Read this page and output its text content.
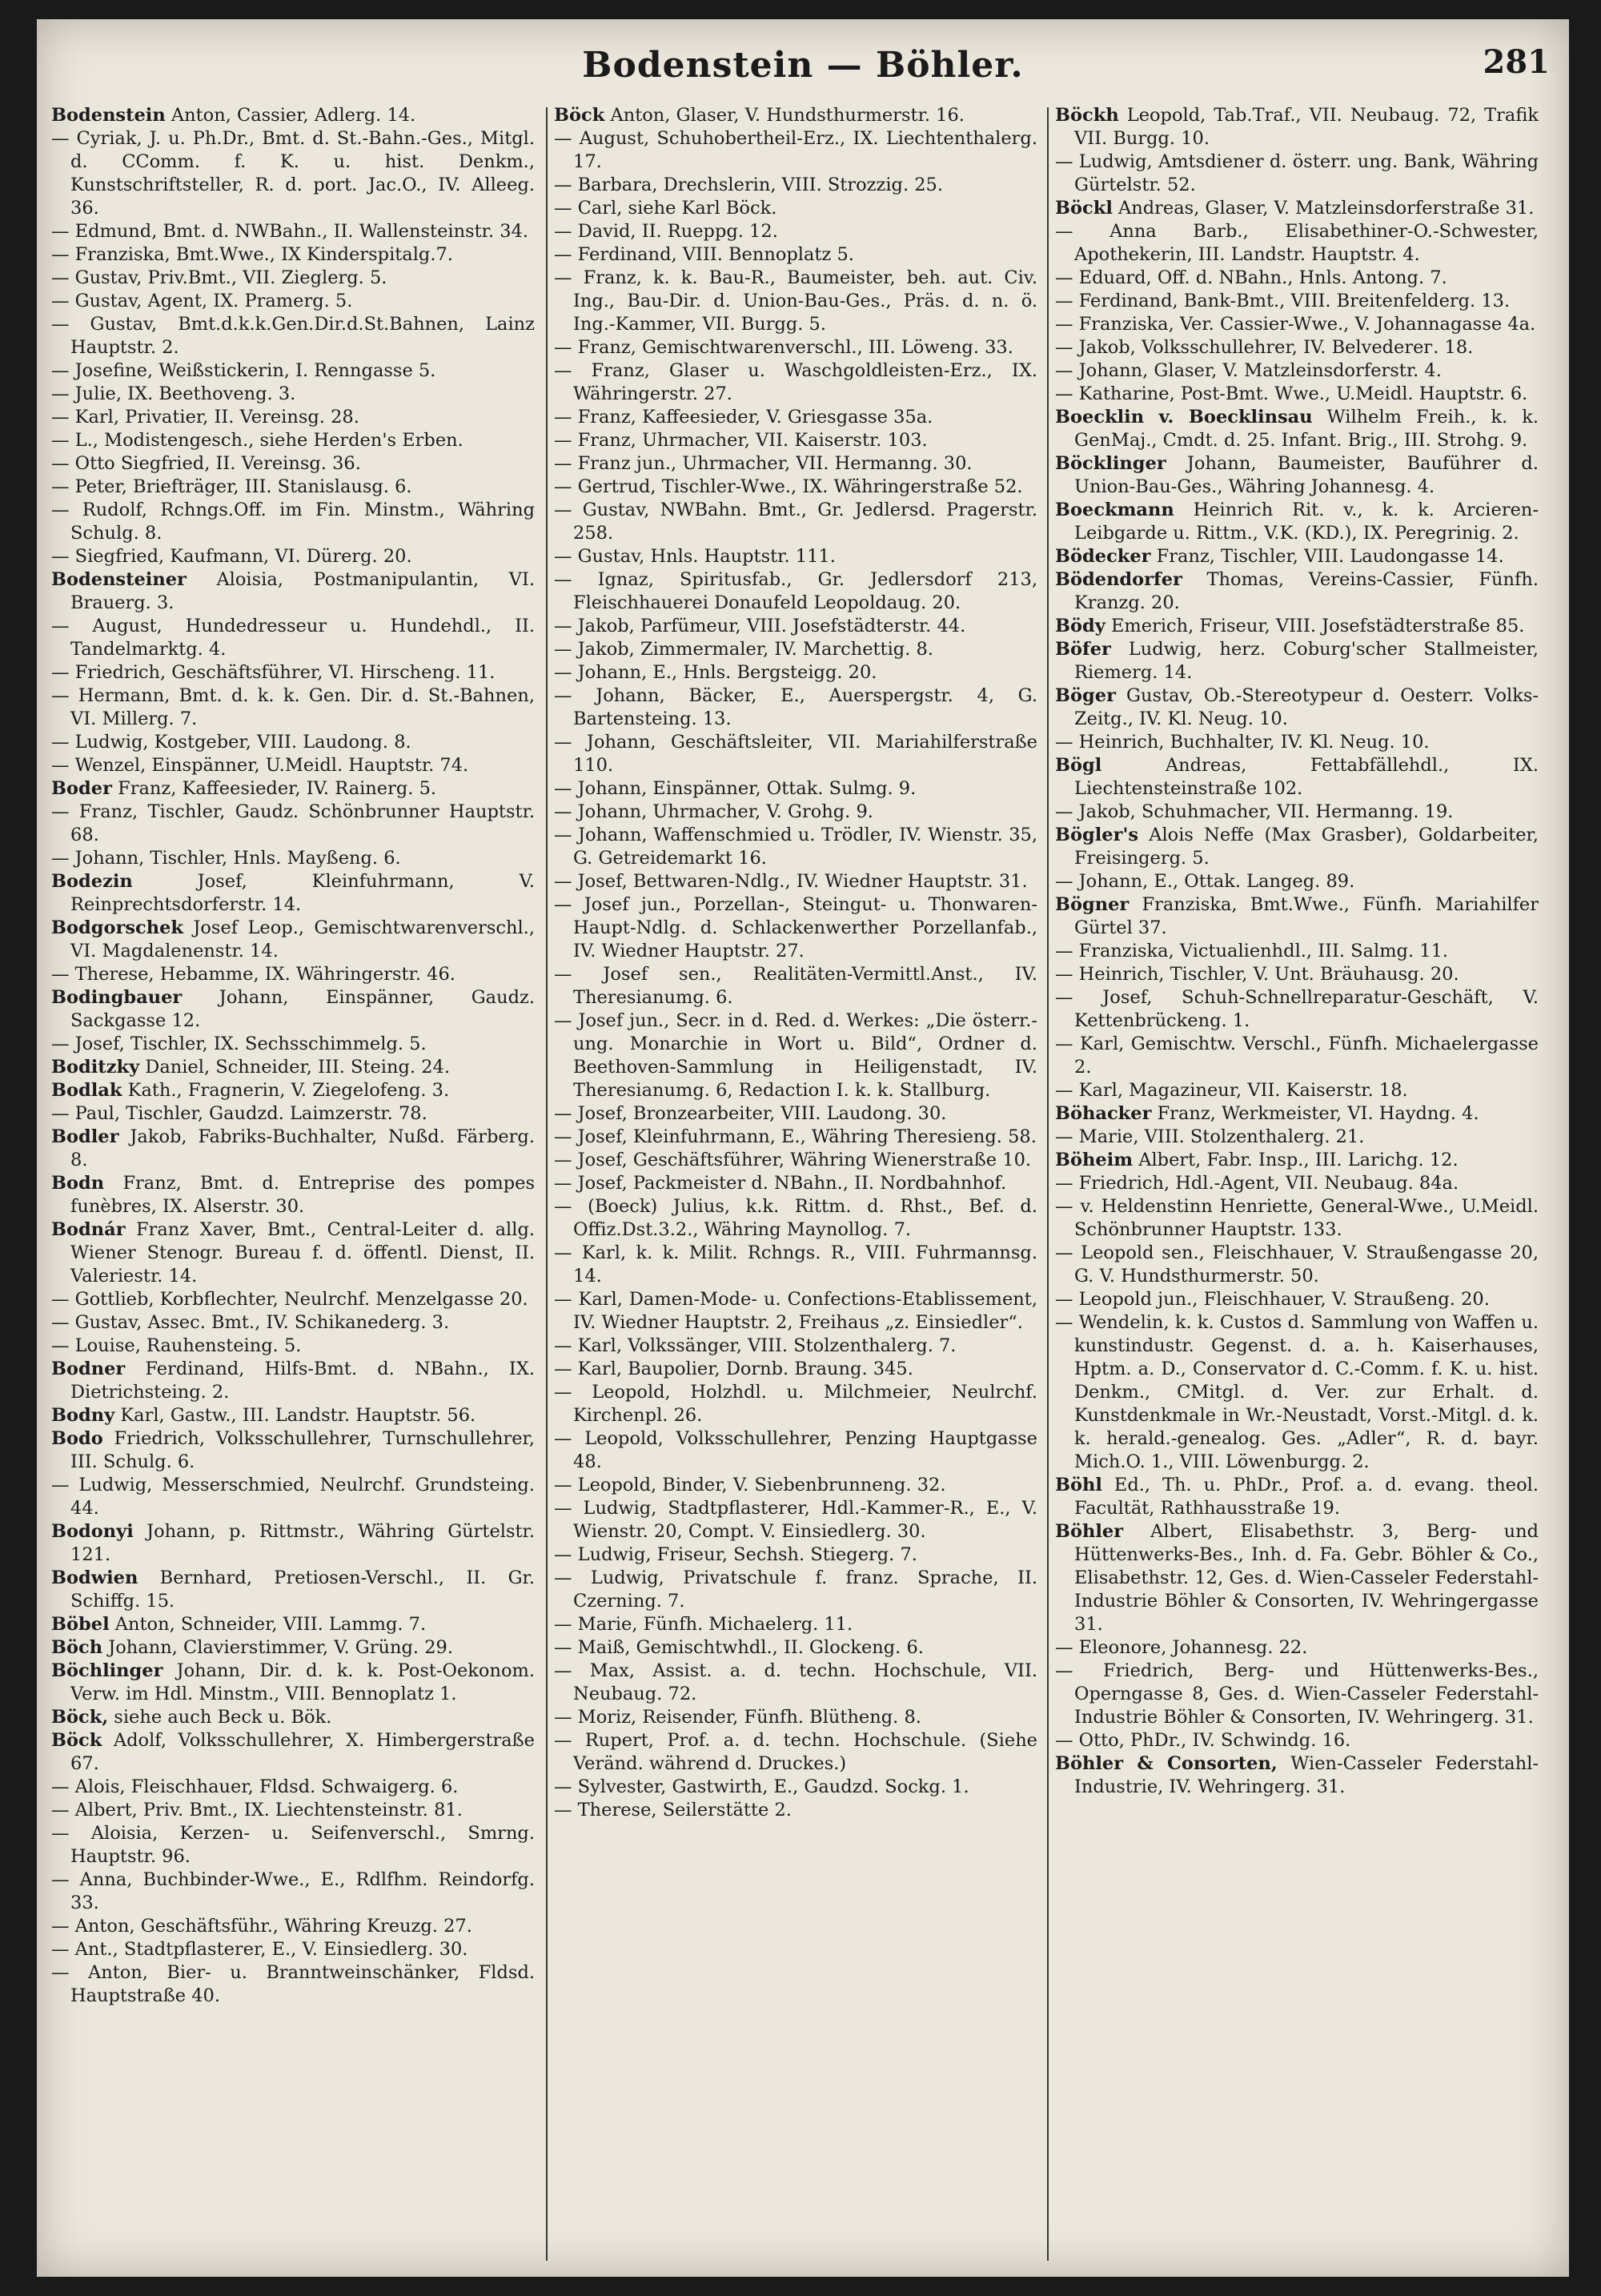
Bodenstein — Böhler.	281

Bodenstein Anton, Cassier, Adlerg. 14.

— Cyriak, J. u. Ph.Dr., Bmt. d. St.-Bahn.-Ges., Mitgl. d. CComm. f. K. u. hist. Denkm., Kunstschriftsteller, R. d. port. Jac.O., IV. Alleeg. 36.

— Edmund, Bmt. d. NWBahn., II. Wallensteinstr. 34.

— Franziska, Bmt.Wwe., IX Kinderspitalg.7.

— Gustav, Priv.Bmt., VII. Zieglerg. 5.

— Gustav, Agent, IX. Pramerg. 5.

— Gustav, Bmt.d.k.k.Gen.Dir.d.St.Bahnen, Lainz Hauptstr. 2.

— Josefine, Weißstickerin, I. Renngasse 5.

— Julie, IX. Beethoveng. 3.

— Karl, Privatier, II. Vereinsg. 28.

— L., Modistengesch., siehe Herden's Erben.

— Otto Siegfried, II. Vereinsg. 36.

— Peter, Briefträger, III. Stanislausg. 6.

— Rudolf, Rchngs.Off. im Fin. Minstm., Währing Schulg. 8.

— Siegfried, Kaufmann, VI. Dürerg. 20.

Bodensteiner Aloisia, Postmanipulantin, VI. Brauerg. 3.

— August, Hundedresseur u. Hundehdl., II. Tandelmarktg. 4.

— Friedrich, Geschäftsführer, VI. Hirscheng. 11.

— Hermann, Bmt. d. k. k. Gen. Dir. d. St.-Bahnen, VI. Millerg. 7.

— Ludwig, Kostgeber, VIII. Laudong. 8.

— Wenzel, Einspänner, U.Meidl. Hauptstr. 74.

Boder Franz, Kaffeesieder, IV. Rainerg. 5.

— Franz, Tischler, Gaudz. Schönbrunner Hauptstr. 68.

— Johann, Tischler, Hnls. Mayßeng. 6.

Bodezin Josef, Kleinfuhrmann, V. Reinprechtsdorferstr. 14.

Bodgorschek Josef Leop., Gemischtwarenverschl., VI. Magdalenenstr. 14.

— Therese, Hebamme, IX. Währingerstr. 46.

Bodingbauer Johann, Einspänner, Gaudz. Sackgasse 12.

— Josef, Tischler, IX. Sechsschimmelg. 5.

Boditzky Daniel, Schneider, III. Steing. 24.

Bodlak Kath., Fragnerin, V. Ziegelofeng. 3.

— Paul, Tischler, Gaudzd. Laimzerstr. 78.

Bodler Jakob, Fabriks-Buchhalter, Nußd. Färberg. 8.

Bodn Franz, Bmt. d. Entreprise des pompes funèbres, IX. Alserstr. 30.

Bodnár Franz Xaver, Bmt., Central-Leiter d. allg. Wiener Stenogr. Bureau f. d. öffentl. Dienst, II. Valeriestr. 14.

— Gottlieb, Korbflechter, Neulrchf. Menzelgasse 20.

— Gustav, Assec. Bmt., IV. Schikanederg. 3.

— Louise, Rauhensteing. 5.

Bodner Ferdinand, Hilfs-Bmt. d. NBahn., IX. Dietrichsteing. 2.

Bodny Karl, Gastw., III. Landstr. Hauptstr. 56.

Bodo Friedrich, Volksschullehrer, Turnschullehrer, III. Schulg. 6.

— Ludwig, Messerschmied, Neulrchf. Grundsteing. 44.

Bodonyi Johann, p. Rittmstr., Währing Gürtelstr. 121.

Bodwien Bernhard, Pretiosen-Verschl., II. Gr. Schiffg. 15.

Böbel Anton, Schneider, VIII. Lammg. 7.

Böch Johann, Clavierstimmer, V. Grüng. 29.

Böchlinger Johann, Dir. d. k. k. Post-Oekonom. Verw. im Hdl. Minstm., VIII. Bennoplatz 1.

Böck, siehe auch Beck u. Bök.

Böck Adolf, Volksschullehrer, X. Himbergerstraße 67.

— Alois, Fleischhauer, Fldsd. Schwaigerg. 6.

— Albert, Priv. Bmt., IX. Liechtensteinstr. 81.

— Aloisia, Kerzen- u. Seifenverschl., Smrng. Hauptstr. 96.

— Anna, Buchbinder-Wwe., E., Rdlfhm. Reindorfg. 33.

— Anton, Geschäftsführ., Währing Kreuzg. 27.

— Ant., Stadtpflasterer, E., V. Einsiedlerg. 30.

— Anton, Bier- u. Branntweinschänker, Fldsd. Hauptstraße 40.

Böck Anton, Glaser, V. Hundsthurmerstr. 16.

— August, Schuhobertheil-Erz., IX. Liechtenthalerg. 17.

— Barbara, Drechslerin, VIII. Strozzig. 25.

— Carl, siehe Karl Böck.

— David, II. Rueppg. 12.

— Ferdinand, VIII. Bennoplatz 5.

— Franz, k. k. Bau-R., Baumeister, beh. aut. Civ. Ing., Bau-Dir. d. Union-Bau-Ges., Präs. d. n. ö. Ing.-Kammer, VII. Burgg. 5.

— Franz, Gemischtwarenverschl., III. Löweng. 33.

— Franz, Glaser u. Waschgoldleisten-Erz., IX. Währingerstr. 27.

— Franz, Kaffeesieder, V. Griesgasse 35a.

— Franz, Uhrmacher, VII. Kaiserstr. 103.

— Franz jun., Uhrmacher, VII. Hermanng. 30.

— Gertrud, Tischler-Wwe., IX. Währingerstraße 52.

— Gustav, NWBahn. Bmt., Gr. Jedlersd. Pragerstr. 258.

— Gustav, Hnls. Hauptstr. 111.

— Ignaz, Spiritusfab., Gr. Jedlersdorf 213, Fleischhauerei Donaufeld Leopoldaug. 20.

— Jakob, Parfümeur, VIII. Josefstädterstr. 44.

— Jakob, Zimmermaler, IV. Marchettig. 8.

— Johann, E., Hnls. Bergsteigg. 20.

— Johann, Bäcker, E., Auerspergstr. 4, G. Bartensteing. 13.

— Johann, Geschäftsleiter, VII. Mariahilferstraße 110.

— Johann, Einspänner, Ottak. Sulmg. 9.

— Johann, Uhrmacher, V. Grohg. 9.

— Johann, Waffenschmied u. Trödler, IV. Wienstr. 35, G. Getreidemarkt 16.

— Josef, Bettwaren-Ndlg., IV. Wiedner Hauptstr. 31.

— Josef jun., Porzellan-, Steingut- u. Thonwaren-Haupt-Ndlg. d. Schlackenwerther Porzellanfab., IV. Wiedner Hauptstr. 27.

— Josef sen., Realitäten-Vermittl.Anst., IV. Theresianumg. 6.

— Josef jun., Secr. in d. Red. d. Werkes: „Die österr.-ung. Monarchie in Wort u. Bild“, Ordner d. Beethoven-Sammlung in Heiligenstadt, IV. Theresianumg. 6, Redaction I. k. k. Stallburg.

— Josef, Bronzearbeiter, VIII. Laudong. 30.

— Josef, Kleinfuhrmann, E., Währing Theresieng. 58.

— Josef, Geschäftsführer, Währing Wienerstraße 10.

— Josef, Packmeister d. NBahn., II. Nordbahnhof.

— (Boeck) Julius, k.k. Rittm. d. Rhst., Bef. d. Offiz.Dst.3.2., Währing Maynollog. 7.

— Karl, k. k. Milit. Rchngs. R., VIII. Fuhrmannsg. 14.

— Karl, Damen-Mode- u. Confections-Etablissement, IV. Wiedner Hauptstr. 2, Freihaus „z. Einsiedler“.

— Karl, Volkssänger, VIII. Stolzenthalerg. 7.

— Karl, Baupolier, Dornb. Braung. 345.

— Leopold, Holzhdl. u. Milchmeier, Neulrchf. Kirchenpl. 26.

— Leopold, Volksschullehrer, Penzing Hauptgasse 48.

— Leopold, Binder, V. Siebenbrunneng. 32.

— Ludwig, Stadtpflasterer, Hdl.-Kammer-R., E., V. Wienstr. 20, Compt. V. Einsiedlerg. 30.

— Ludwig, Friseur, Sechsh. Stiegerg. 7.

— Ludwig, Privatschule f. franz. Sprache, II. Czerning. 7.

— Marie, Fünfh. Michaelerg. 11.

— Maiß, Gemischtwhdl., II. Glockeng. 6.

— Max, Assist. a. d. techn. Hochschule, VII. Neubaug. 72.

— Moriz, Reisender, Fünfh. Blütheng. 8.

— Rupert, Prof. a. d. techn. Hochschule. (Siehe Veränd. während d. Druckes.)

— Sylvester, Gastwirth, E., Gaudzd. Sockg. 1.

— Therese, Seilerstätte 2.

Böckh Leopold, Tab.Traf., VII. Neubaug. 72, Trafik VII. Burgg. 10.

— Ludwig, Amtsdiener d. österr. ung. Bank, Währing Gürtelstr. 52.

Böckl Andreas, Glaser, V. Matzleinsdorferstraße 31.

— Anna Barb., Elisabethiner-O.-Schwester, Apothekerin, III. Landstr. Hauptstr. 4.

— Eduard, Off. d. NBahn., Hnls. Antong. 7.

— Ferdinand, Bank-Bmt., VIII. Breitenfelderg. 13.

— Franziska, Ver. Cassier-Wwe., V. Johannagasse 4a.

— Jakob, Volksschullehrer, IV. Belvederег. 18.

— Johann, Glaser, V. Matzleinsdorferstr. 4.

— Katharine, Post-Bmt. Wwe., U.Meidl. Hauptstr. 6.

Boecklin v. Boecklinsau Wilhelm Freih., k. k. GenMaj., Cmdt. d. 25. Infant. Brig., III. Strohg. 9.

Böcklinger Johann, Baumeister, Bauführer d. Union-Bau-Ges., Währing Johannesg. 4.

Boeckmann Heinrich Rit. v., k. k. Arcieren-Leibgarde u. Rittm., V.K. (KD.), IX. Peregrinig. 2.

Bödecker Franz, Tischler, VIII. Laudongasse 14.

Bödendorfer Thomas, Vereins-Cassier, Fünfh. Kranzg. 20.

Bödy Emerich, Friseur, VIII. Josefstädterstraße 85.

Böfer Ludwig, herz. Coburg'scher Stallmeister, Riemerg. 14.

Böger Gustav, Ob.-Stereotypeur d. Oesterr. Volks-Zeitg., IV. Kl. Neug. 10.

— Heinrich, Buchhalter, IV. Kl. Neug. 10.

Bögl Andreas, Fettabfällehdl., IX. Liechtensteinstraße 102.

— Jakob, Schuhmacher, VII. Hermanng. 19.

Bögler's Alois Neffe (Max Grasber), Goldarbeiter, Freisingerg. 5.

— Johann, E., Ottak. Langeg. 89.

Bögner Franziska, Bmt.Wwe., Fünfh. Mariahilfer Gürtel 37.

— Franziska, Victualienhdl., III. Salmg. 11.

— Heinrich, Tischler, V. Unt. Bräuhausg. 20.

— Josef, Schuh-Schnellreparatur-Geschäft, V. Kettenbrückeng. 1.

— Karl, Gemischtw. Verschl., Fünfh. Michaelergasse 2.

— Karl, Magazineur, VII. Kaiserstr. 18.

Böhacker Franz, Werkmeister, VI. Haydng. 4.

— Marie, VIII. Stolzenthalerg. 21.

Böheim Albert, Fabr. Insp., III. Larichg. 12.

— Friedrich, Hdl.-Agent, VII. Neubaug. 84a.

— v. Heldenstinn Henriette, General-Wwe., U.Meidl. Schönbrunner Hauptstr. 133.

— Leopold sen., Fleischhauer, V. Straußengasse 20, G. V. Hundsthurmerstr. 50.

— Leopold jun., Fleischhauer, V. Straußeng. 20.

— Wendelin, k. k. Custos d. Sammlung von Waffen u. kunstindustr. Gegenst. d. a. h. Kaiserhauses, Hptm. a. D., Conservator d. C.-Comm. f. K. u. hist. Denkm., CMitgl. d. Ver. zur Erhalt. d. Kunstdenkmale in Wr.-Neustadt, Vorst.-Mitgl. d. k. k. herald.-genealog. Ges. „Adler“, R. d. bayr. Mich.O. 1., VIII. Löwenburgg. 2.

Böhl Ed., Th. u. PhDr., Prof. a. d. evang. theol. Facultät, Rathhausstraße 19.

Böhler Albert, Elisabethstr. 3, Berg- und Hüttenwerks-Bes., Inh. d. Fa. Gebr. Böhler & Co., Elisabethstr. 12, Ges. d. Wien-Casseler Federstahl-Industrie Böhler & Consorten, IV. Wehringergasse 31.

— Eleonore, Johannesg. 22.

— Friedrich, Berg- und Hüttenwerks-Bes., Operngasse 8, Ges. d. Wien-Casseler Federstahl-Industrie Böhler & Consorten, IV. Wehringerg. 31.

— Otto, PhDr., IV. Schwindg. 16.

Böhler & Consorten, Wien-Casseler Federstahl-Industrie, IV. Wehringerg. 31.
